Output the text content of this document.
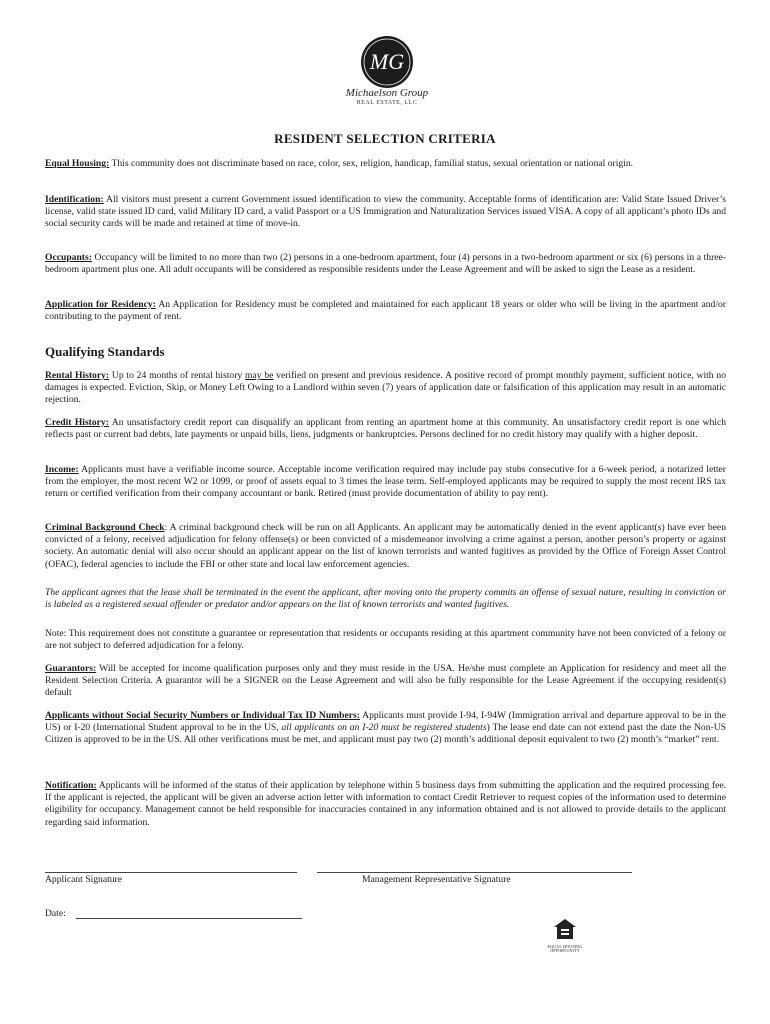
MG
Michaelson Group
REAL ESTATE, LLC
RESIDENT SELECTION CRITERIA
Equal Housing: This community does not discriminate based on race, color, sex, religion, handicap, familial status, sexual orientation or national origin.
Identification: All visitors must present a current Government issued identification to view the community. Acceptable forms of identification are: Valid State Issued Driver’s license, valid state issued ID card, valid Military ID card, a valid Passport or a US Immigration and Naturalization Services issued VISA. A copy of all applicant’s photo IDs and social security cards will be made and retained at time of move-in.
Occupants: Occupancy will be limited to no more than two (2) persons in a one-bedroom apartment, four (4) persons in a two-bedroom apartment or six (6) persons in a three-bedroom apartment plus one. All adult occupants will be considered as responsible residents under the Lease Agreement and will be asked to sign the Lease as a resident.
Application for Residency: An Application for Residency must be completed and maintained for each applicant 18 years or older who will be living in the apartment and/or contributing to the payment of rent.
Qualifying Standards
Rental History: Up to 24 months of rental history may be verified on present and previous residence. A positive record of prompt monthly payment, sufficient notice, with no damages is expected. Eviction, Skip, or Money Left Owing to a Landlord within seven (7) years of application date or falsification of this application may result in an automatic rejection.
Credit History: An unsatisfactory credit report can disqualify an applicant from renting an apartment home at this community. An unsatisfactory credit report is one which reflects past or current bad debts, late payments or unpaid bills, liens, judgments or bankruptcies. Persons declined for no credit history may qualify with a higher deposit.
Income: Applicants must have a verifiable income source. Acceptable income verification required may include pay stubs consecutive for a 6-week period, a notarized letter from the employer, the most recent W2 or 1099, or proof of assets equal to 3 times the lease term. Self-employed applicants may be required to supply the most recent IRS tax return or certified verification from their company accountant or bank. Retired (must provide documentation of ability to pay rent).
Criminal Background Check: A criminal background check will be run on all Applicants. An applicant may be automatically denied in the event applicant(s) have ever been convicted of a felony, received adjudication for felony offense(s) or been convicted of a misdemeanor involving a crime against a person, another person’s property or against society. An automatic denial will also occur should an applicant appear on the list of known terrorists and wanted fugitives as provided by the Office of Foreign Asset Control (OFAC), federal agencies to include the FBI or other state and local law enforcement agencies.
The applicant agrees that the lease shall be terminated in the event the applicant, after moving onto the property commits an offense of sexual nature, resulting in conviction or is labeled as a registered sexual offender or predator and/or appears on the list of known terrorists and wanted fugitives.
Note: This requirement does not constitute a guarantee or representation that residents or occupants residing at this apartment community have not been convicted of a felony or are not subject to deferred adjudication for a felony.
Guarantors: Will be accepted for income qualification purposes only and they must reside in the USA. He/she must complete an Application for residency and meet all the Resident Selection Criteria. A guarantor will be a SIGNER on the Lease Agreement and will also be fully responsible for the Lease Agreement if the occupying resident(s) default
Applicants without Social Security Numbers or Individual Tax ID Numbers: Applicants must provide I-94, I-94W (Immigration arrival and departure approval to be in the US) or I-20 (International Student approval to be in the US, all applicants on an I-20 must be registered students) The lease end date can not extend past the date the Non-US Citizen is approved to be in the US. All other verifications must be met, and applicant must pay two (2) month’s additional deposit equivalent to two (2) month’s “market” rent.
Notification: Applicants will be informed of the status of their application by telephone within 5 business days from submitting the application and the required processing fee. If the applicant is rejected, the applicant will be given an adverse action letter with information to contact Credit Retriever to request copies of the information used to determine eligibility for occupancy. Management cannot be held responsible for inaccuracies contained in any information obtained and is not allowed to provide details to the applicant regarding said information.
Applicant Signature	Management Representative Signature
Date:
EQUAL HOUSING
OPPORTUNITY
